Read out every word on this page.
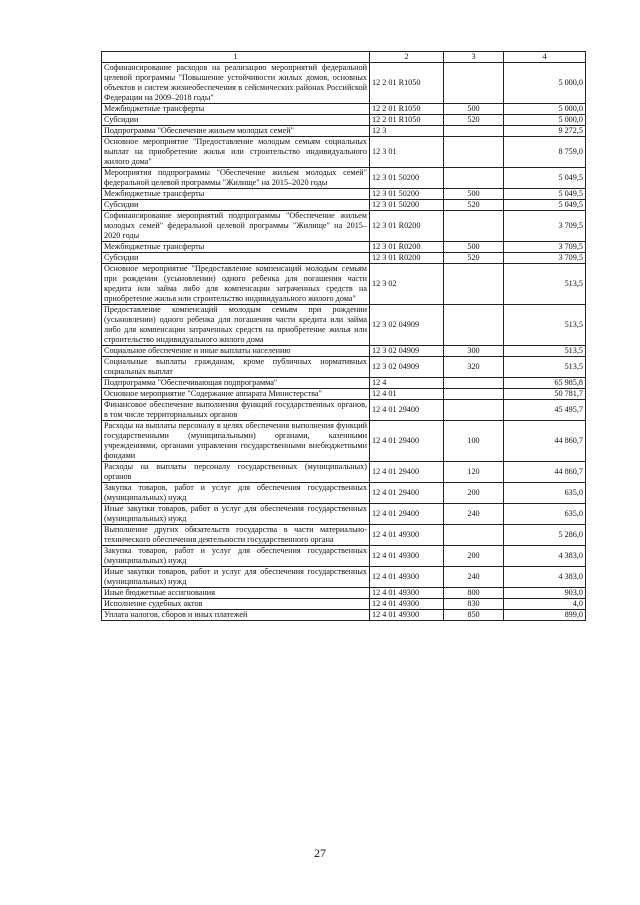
1	2	3	4
Софинансирование расходов на реализацию мероприятий федеральной целевой программы "Повышение устойчивости жилых домов, основных объектов и систем жизнеобеспечения в сейсмических районах Российской Федерации на 2009–2018 годы"	12 2 01 R1050		5 000,0
Межбюджетные трансферты	12 2 01 R1050	500	5 000,0
Субсидии	12 2 01 R1050	520	5 000,0
Подпрограмма "Обеспечение жильем молодых семей"	12 3		9 272,5
Основное мероприятие "Предоставление молодым семьям социальных выплат на приобретение жилья или строительство индивидуального жилого дома"	12 3 01		8 759,0
Мероприятия подпрограммы "Обеспечение жильем молодых семей" федеральной целевой программы "Жилище" на 2015–2020 годы	12 3 01 50200		5 049,5
Межбюджетные трансферты	12 3 01 50200	500	5 049,5
Субсидии	12 3 01 50200	520	5 049,5
Софинансирование мероприятий подпрограммы "Обеспечение жильем молодых семей" федеральной целевой программы "Жилище" на 2015–2020 годы	12 3 01 R0200		3 709,5
Межбюджетные трансферты	12 3 01 R0200	500	3 709,5
Субсидии	12 3 01 R0200	520	3 709,5
Основное мероприятие "Предоставление компенсаций молодым семьям при рождении (усыновлении) одного ребенка для погашения части кредита или займа либо для компенсации затраченных средств на приобретение жилья или строительство индивидуального жилого дома"	12 3 02		513,5
Предоставление компенсаций молодым семьям при рождении (усыновлении) одного ребенка для погашения части кредита или займа либо для компенсации затраченных средств на приобретение жилья или строительство индивидуального жилого дома	12 3 02 04909		513,5
Социальное обеспечение и иные выплаты населению	12 3 02 04909	300	513,5
Социальные выплаты гражданам, кроме публичных нормативных социальных выплат	12 3 02 04909	320	513,5
Подпрограмма "Обеспечивающая подпрограмма"	12 4		65 985,8
Основное мероприятие "Содержание аппарата Министерства"	12 4 01		50 781,7
Финансовое обеспечение выполнения функций государственных органов, в том числе территориальных органов	12 4 01 29400		45 495,7
Расходы на выплаты персоналу в целях обеспечения выполнения функций государственными (муниципальными) органами, казенными учреждениями, органами управления государственными внебюджетными фондами	12 4 01 29400	100	44 860,7
Расходы на выплаты персоналу государственных (муниципальных) органов	12 4 01 29400	120	44 860,7
Закупка товаров, работ и услуг для обеспечения государственных (муниципальных) нужд	12 4 01 29400	200	635,0
Иные закупки товаров, работ и услуг для обеспечения государственных (муниципальных) нужд	12 4 01 29400	240	635,0
Выполнение других обязательств государства в части материально-технического обеспечения деятельности государственного органа	12 4 01 49300		5 286,0
Закупка товаров, работ и услуг для обеспечения государственных (муниципальных) нужд	12 4 01 49300	200	4 383,0
Иные закупки товаров, работ и услуг для обеспечения государственных (муниципальных) нужд	12 4 01 49300	240	4 383,0
Иные бюджетные ассигнования	12 4 01 49300	800	903,0
Исполнение судебных актов	12 4 01 49300	830	4,0
Уплата налогов, сборов и иных платежей	12 4 01 49300	850	899,0
27
